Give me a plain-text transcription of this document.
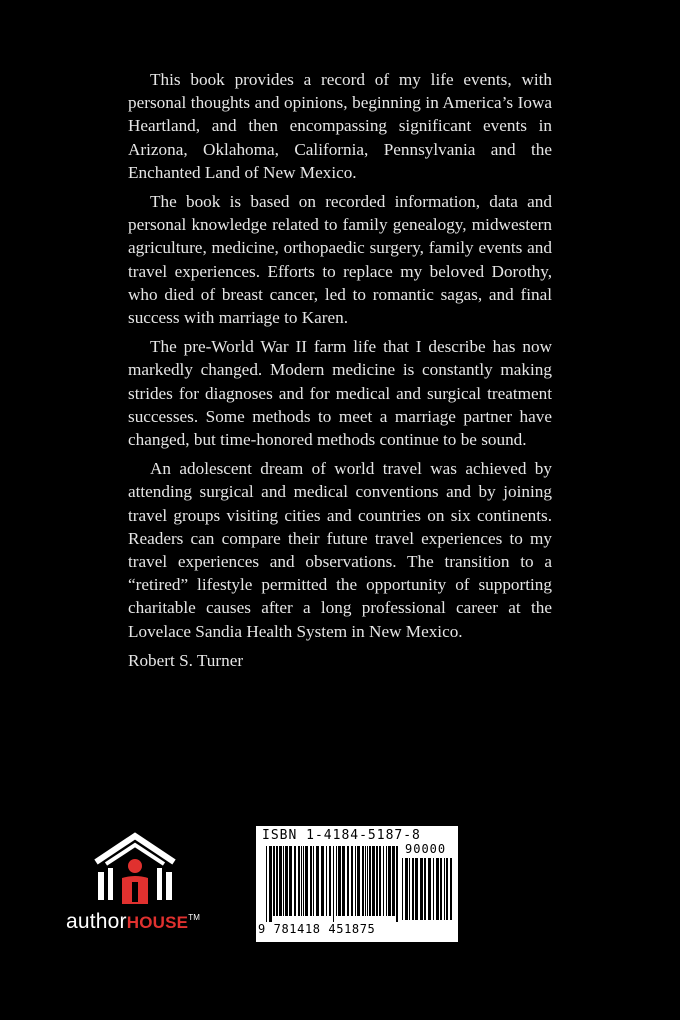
This book provides a record of my life events, with personal thoughts and opinions, beginning in America’s Iowa Heartland, and then encompassing significant events in Arizona, Oklahoma, California, Pennsylvania and the Enchanted Land of New Mexico.

The book is based on recorded information, data and personal knowledge related to family genealogy, midwestern agriculture, medicine, orthopaedic surgery, family events and travel experiences. Efforts to replace my beloved Dorothy, who died of breast cancer, led to romantic sagas, and final success with marriage to Karen.

The pre-World War II farm life that I describe has now markedly changed. Modern medicine is constantly making strides for diagnoses and for medical and surgical treatment successes. Some methods to meet a marriage partner have changed, but time-honored methods continue to be sound.

An adolescent dream of world travel was achieved by attending surgical and medical conventions and by joining travel groups visiting cities and countries on six continents. Readers can compare their future travel experiences to my travel experiences and observations. The transition to a “retired” lifestyle permitted the opportunity of supporting charitable causes after a long professional career at the Lovelace Sandia Health System in New Mexico.

Robert S. Turner

authorHOUSE™
ISBN 1-4184-5187-8
90000
9 781418 451875
